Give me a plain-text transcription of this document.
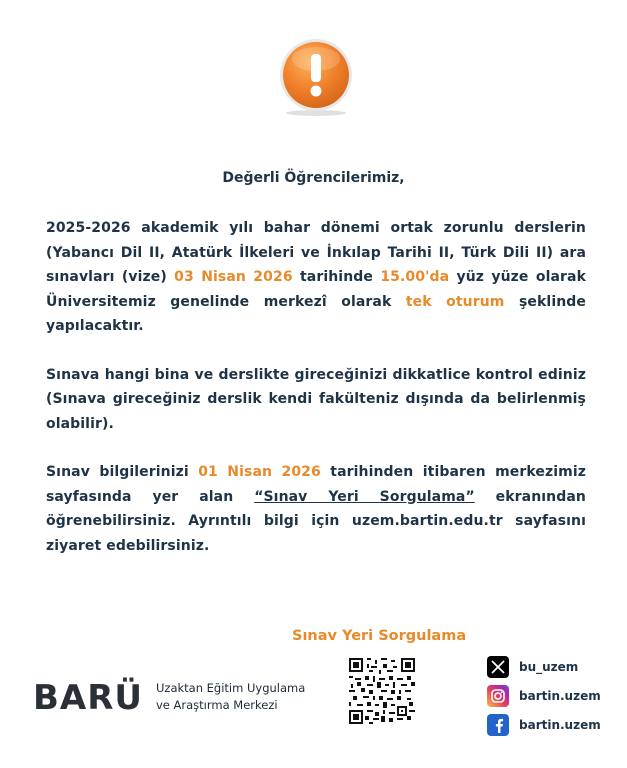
Değerli Öğrencilerimiz,

2025-2026 akademik yılı bahar dönemi ortak zorunlu derslerin (Yabancı Dil II, Atatürk İlkeleri ve İnkılap Tarihi II, Türk Dili II) ara sınavları (vize) 03 Nisan 2026 tarihinde 15.00'da yüz yüze olarak Üniversitemiz genelinde merkezî olarak tek oturum şeklinde yapılacaktır.

Sınava hangi bina ve derslikte gireceğinizi dikkatlice kontrol ediniz (Sınava gireceğiniz derslik kendi fakülteniz dışında da belirlenmiş olabilir).

Sınav bilgilerinizi 01 Nisan 2026 tarihinden itibaren merkezimiz sayfasında yer alan “Sınav Yeri Sorgulama” ekranından öğrenebilirsiniz. Ayrıntılı bilgi için uzem.bartin.edu.tr sayfasını ziyaret edebilirsiniz.

Sınav Yeri Sorgulama
BARÜ Uzaktan Eğitim Uygulama
ve Araştırma Merkezi
bu_uzem
bartin.uzem
bartin.uzem
